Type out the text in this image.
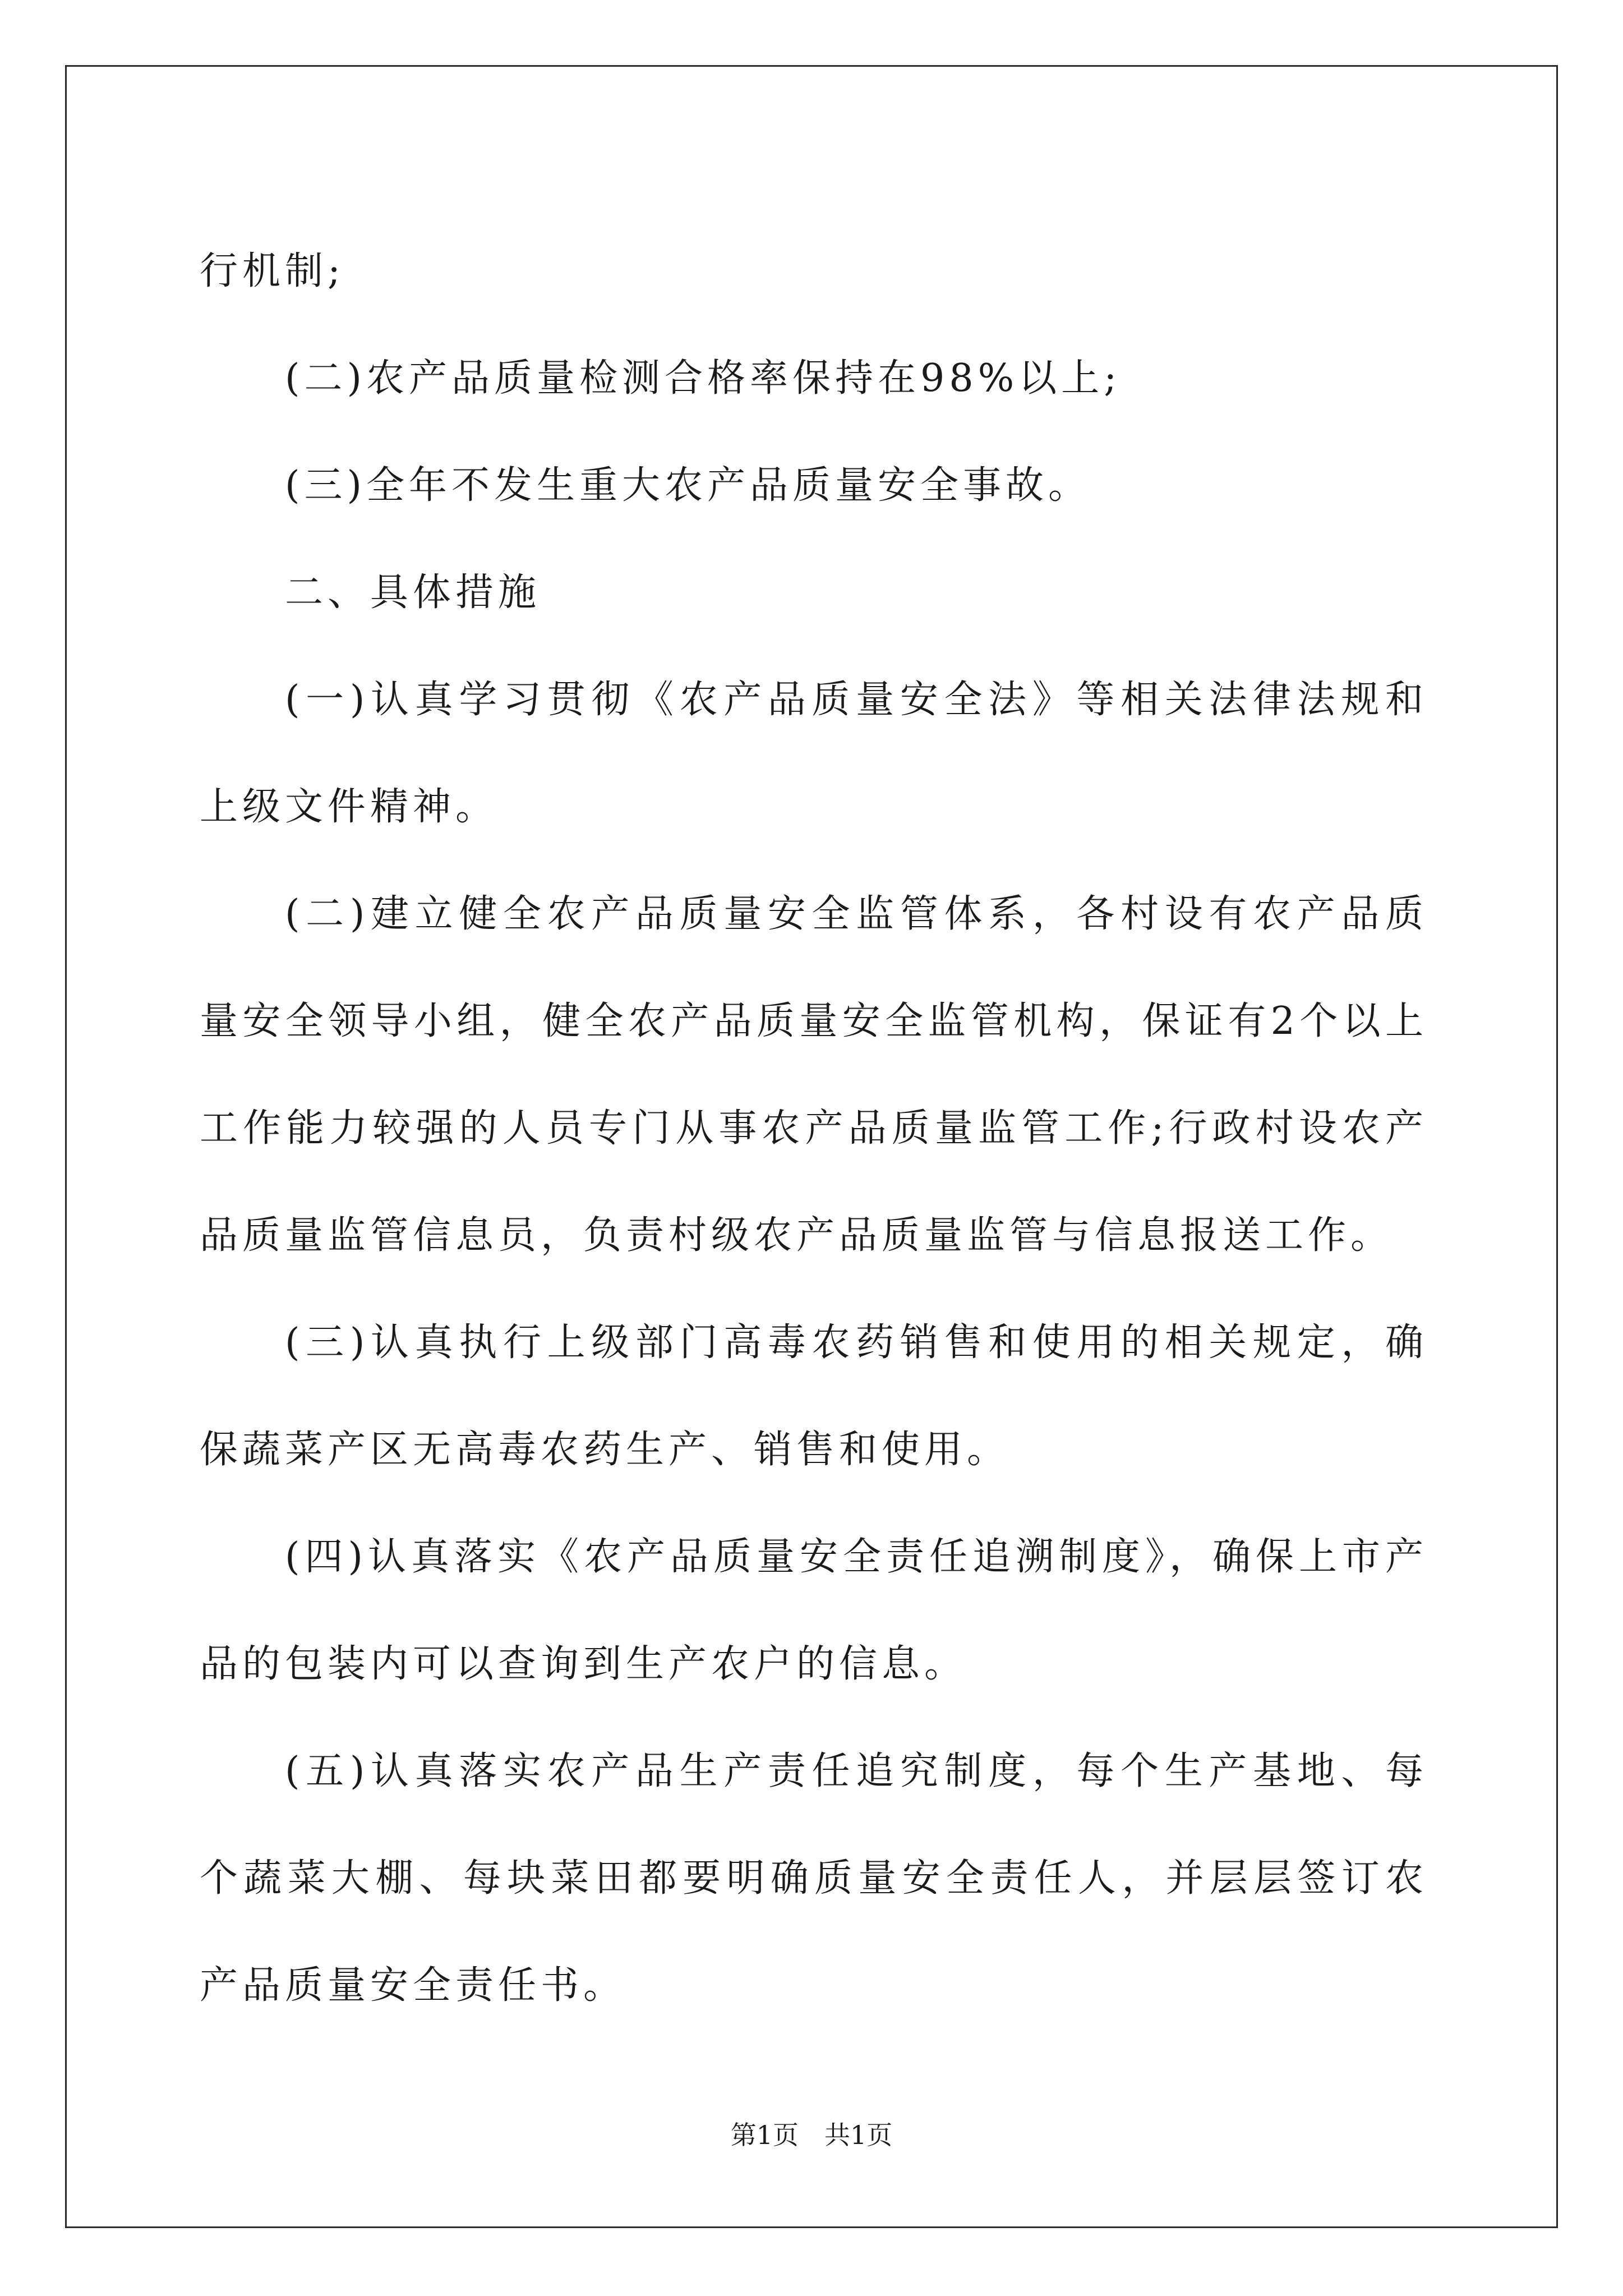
行机制;

(二)农产品质量检测合格率保持在98%以上;

(三)全年不发生重大农产品质量安全事故。

二、具体措施

(一)认真学习贯彻《农产品质量安全法》等相关法律法规和上级文件精神。

(二)建立健全农产品质量安全监管体系，各村设有农产品质量安全领导小组，健全农产品质量安全监管机构，保证有2个以上工作能力较强的人员专门从事农产品质量监管工作;行政村设农产品质量监管信息员，负责村级农产品质量监管与信息报送工作。

(三)认真执行上级部门高毒农药销售和使用的相关规定，确保蔬菜产区无高毒农药生产、销售和使用。

(四)认真落实《农产品质量安全责任追溯制度》，确保上市产品的包装内可以查询到生产农户的信息。

(五)认真落实农产品生产责任追究制度，每个生产基地、每个蔬菜大棚、每块菜田都要明确质量安全责任人，并层层签订农产品质量安全责任书。

第1页　共1页
